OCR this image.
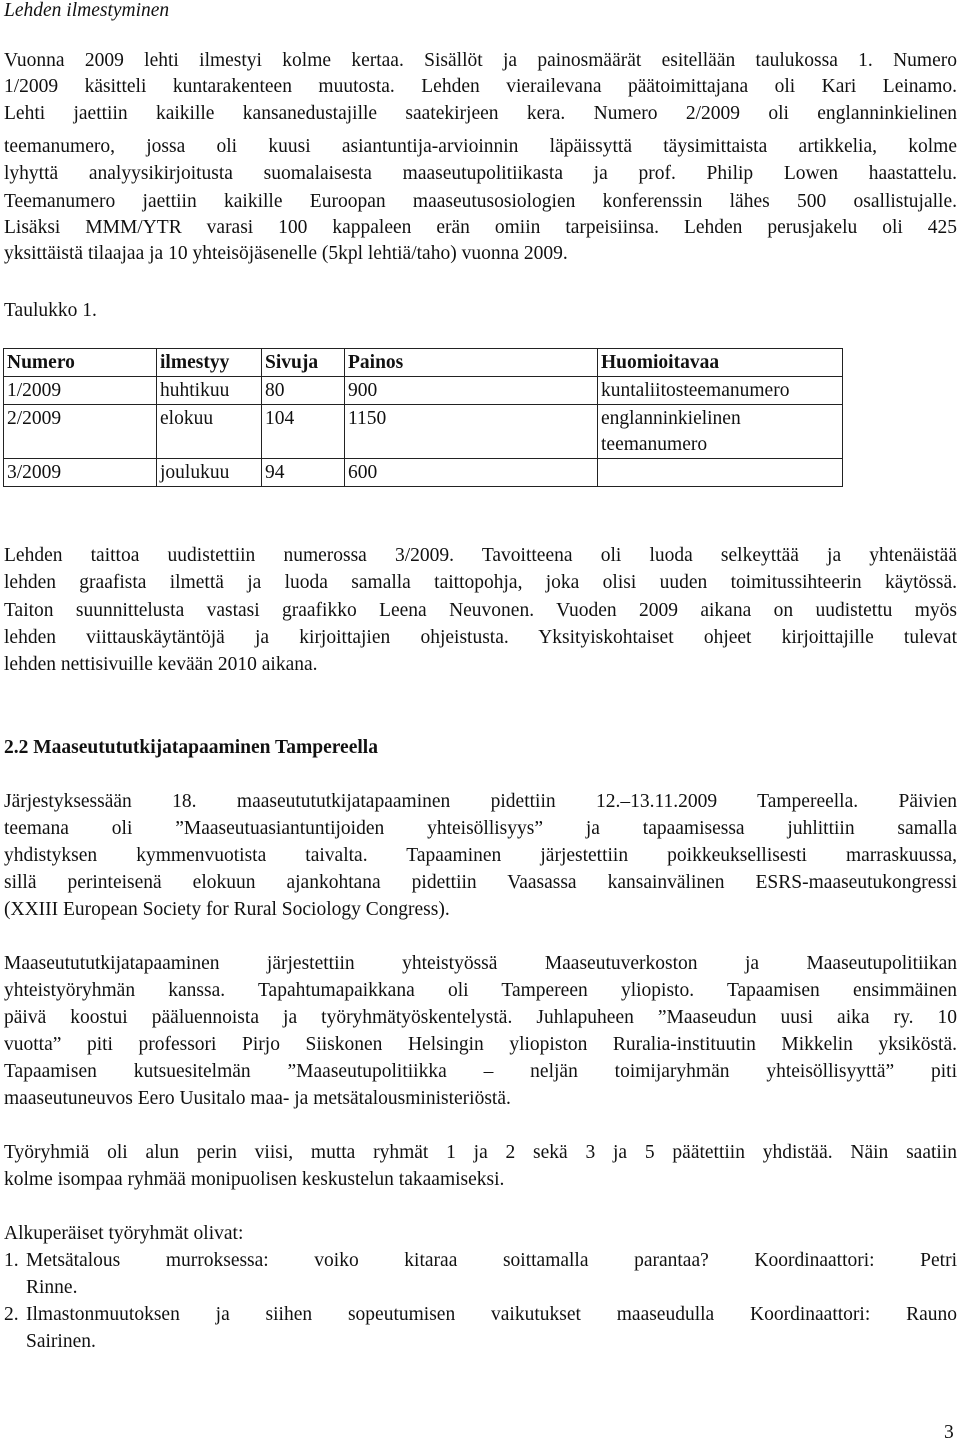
Lehden ilmestyminen
Vuonna 2009 lehti ilmestyi kolme kertaa. Sisällöt ja painosmäärät esitellään taulukossa 1. Numero
1/2009 käsitteli kuntarakenteen muutosta. Lehden vierailevana päätoimittajana oli Kari Leinamo.
Lehti jaettiin kaikille kansanedustajille saatekirjeen kera. Numero 2/2009 oli englanninkielinen
teemanumero, jossa oli kuusi asiantuntija-arvioinnin läpäissyttä täysimittaista artikkelia, kolme
lyhyttä analyysikirjoitusta suomalaisesta maaseutupolitiikasta ja prof. Philip Lowen haastattelu.
Teemanumero jaettiin kaikille Euroopan maaseutusosiologien konferenssin lähes 500 osallistujalle.
Lisäksi MMM/YTR varasi 100 kappaleen erän omiin tarpeisiinsa. Lehden perusjakelu oli 425
yksittäistä tilaajaa ja 10 yhteisöjäsenelle (5kpl lehtiä/taho) vuonna 2009.
Taulukko 1.
Numero	ilmestyy	Sivuja	Painos	Huomioitavaa
1/2009	huhtikuu	80	900	kuntaliitosteemanumero
2/2009	elokuu	104	1150	englanninkielinen
teemanumero
3/2009	joulukuu	94	600	
Lehden taittoa uudistettiin numerossa 3/2009. Tavoitteena oli luoda selkeyttää ja yhtenäistää
lehden graafista ilmettä ja luoda samalla taittopohja, joka olisi uuden toimitussihteerin käytössä.
Taiton suunnittelusta vastasi graafikko Leena Neuvonen. Vuoden 2009 aikana on uudistettu myös
lehden viittauskäytäntöjä ja kirjoittajien ohjeistusta. Yksityiskohtaiset ohjeet kirjoittajille tulevat
lehden nettisivuille kevään 2010 aikana.
2.2 Maaseutututkijatapaaminen Tampereella
Järjestyksessään 18. maaseutututkijatapaaminen pidettiin 12.–13.11.2009 Tampereella. Päivien
teemana oli ”Maaseutuasiantuntijoiden yhteisöllisyys” ja tapaamisessa juhlittiin samalla
yhdistyksen kymmenvuotista taivalta. Tapaaminen järjestettiin poikkeuksellisesti marraskuussa,
sillä perinteisenä elokuun ajankohtana pidettiin Vaasassa kansainvälinen ESRS-maaseutukongressi
(XXIII European Society for Rural Sociology Congress).
Maaseutututkijatapaaminen järjestettiin yhteistyössä Maaseutuverkoston ja Maaseutupolitiikan
yhteistyöryhmän kanssa. Tapahtumapaikkana oli Tampereen yliopisto. Tapaamisen ensimmäinen
päivä koostui pääluennoista ja työryhmätyöskentelystä. Juhlapuheen ”Maaseudun uusi aika ry. 10
vuotta” piti professori Pirjo Siiskonen Helsingin yliopiston Ruralia-instituutin Mikkelin yksiköstä.
Tapaamisen kutsuesitelmän ”Maaseutupolitiikka – neljän toimijaryhmän yhteisöllisyyttä” piti
maaseutuneuvos Eero Uusitalo maa- ja metsätalousministeriöstä.
Työryhmiä oli alun perin viisi, mutta ryhmät 1 ja 2 sekä 3 ja 5 päätettiin yhdistää. Näin saatiin
kolme isompaa ryhmää monipuolisen keskustelun takaamiseksi.
Alkuperäiset työryhmät olivat:
1. Metsätalous murroksessa: voiko kitaraa soittamalla parantaa? Koordinaattori: Petri
Rinne.
2. Ilmastonmuutoksen ja siihen sopeutumisen vaikutukset maaseudulla Koordinaattori: Rauno
Sairinen.
3
